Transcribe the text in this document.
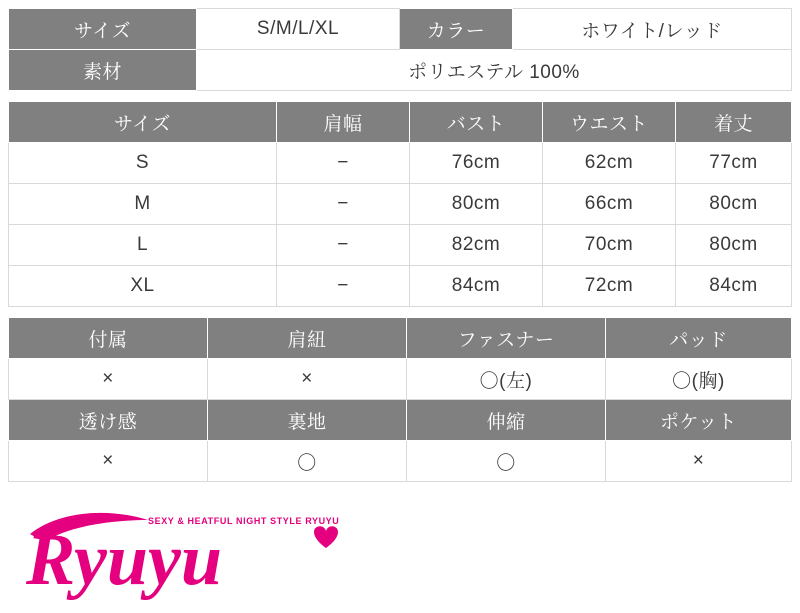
サイズ	S/M/L/XL	カラー	ホワイト/レッド
素材	ポリエステル 100%		
サイズ	肩幅	バスト	ウエスト	着丈
S	−	76cm	62cm	77cm
M	−	80cm	66cm	80cm
L	−	82cm	70cm	80cm
XL	−	84cm	72cm	84cm
付属	肩紐	ファスナー	パッド
×	×	〇(左)	〇(胸)
透け感	裏地	伸縮	ポケット
×	〇	〇	×
Ryuyu
SEXY & HEATFUL NIGHT STYLE RYUYU
